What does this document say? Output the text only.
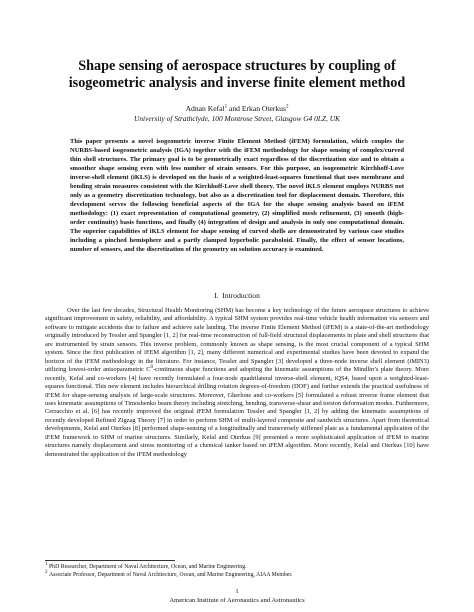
Shape sensing of aerospace structures by coupling of isogeometric analysis and inverse finite element method
Adnan Kefal$^1$ and Erkan Oterkus$^2$
University of Strathclyde, 100 Montrose Street, Glasgow G4 0LZ, UK

This paper presents a novel isogeometric inverse Finite Element Method (iFEM) formulation, which couples the NURBS-based isogeometric analysis (IGA) together with the iFEM methodology for shape sensing of complex/curved thin shell structures. The primary goal is to be geometrically exact regardless of the discretization size and to obtain a smoother shape sensing even with less number of strain sensors. For this purpose, an isogeometric Kirchhoff-Love inverse-shell element (iKLS) is developed on the basis of a weighted-least-squares functional that uses membrane and bending strain measures consistent with the Kirchhoff-Love shell theory. The novel iKLS element employs NURBS not only as a geometry discretization technology, but also as a discretization tool for displacement domain. Therefore, this development serves the following beneficial aspects of the IGA for the shape sensing analysis based on iFEM methodology: (1) exact representation of computational geometry, (2) simplified mesh refinement, (3) smooth (high-order continuity) basis functions, and finally (4) integration of design and analysis in only one computational domain. The superior capabilities of iKLS element for shape sensing of curved shells are demonstrated by various case studies including a pinched hemisphere and a partly clamped hyperbolic paraboloid. Finally, the effect of sensor locations, number of sensors, and the discretization of the geometry on solution accuracy is examined.

I. Introduction

Over the last few decades, Structural Health Monitoring (SHM) has become a key technology of the future aerospace structures to achieve significant improvement in safety, reliability, and affordability. A typical SHM system provides real-time vehicle health information via sensors and software to mitigate accidents due to failure and achieve safe landing. The inverse Finite Element Method (iFEM) is a state-of-the-art methodology originally introduced by Tessler and Spangler [1, 2] for real-time reconstruction of full-field structural displacements in plate and shell structures that are instrumented by strain sensors. This inverse problem, commonly known as shape sensing, is the most crucial component of a typical SHM system. Since the first publication of iFEM algorithm [1, 2], many different numerical and experimental studies have been devoted to expand the horizon of the iFEM methodology in the literature. For instance, Tessler and Spangler [3] developed a three-node inverse shell element (iMIN3) utilizing lowest-order anisoparametric $C^0$-continuous shape functions and adopting the kinematic assumptions of the Mindlin’s plate theory. More recently, Kefal and co-workers [4] have recently formulated a four-node quadrilateral inverse-shell element, iQS4, based upon a weighted-least-squares functional. This new element includes hierarchical drilling rotation degrees-of-freedom (DOF) and further extends the practical usefulness of iFEM for shape-sensing analysis of large-scale structures. Moreover, Gherlone and co-workers [5] formulated a robust inverse frame element that uses kinematic assumptions of Timoshenko beam theory including stretching, bending, transverse-shear and torsion deformation modes. Furthermore, Cerracchio et al. [6] has recently improved the original iFEM formulation Tessler and Spangler [1, 2] by adding the kinematic assumptions of recently developed Refined Zigzag Theory [7] in order to perform SHM of multi-layered composite and sandwich structures. Apart from theoretical developments, Kefal and Oterkus [8] performed shape-sensing of a longitudinally and transversely stiffened plate as a fundamental application of the iFEM framework to SHM of marine structures. Similarly, Kefal and Oterkus [9] presented a more sophisticated application of iFEM to marine structures namely displacement and stress monitoring of a chemical tanker based on iFEM algorithm. More recently, Kefal and Oterkus [10] have demonstrated the application of the iFEM methodology

$^1$ PhD Researcher, Department of Naval Architecture, Ocean, and Marine Engineering.

$^2$ Associate Professor, Department of Naval Architecture, Ocean, and Marine Engineering, AIAA Member.

1
American Institute of Aeronautics and Astronautics
